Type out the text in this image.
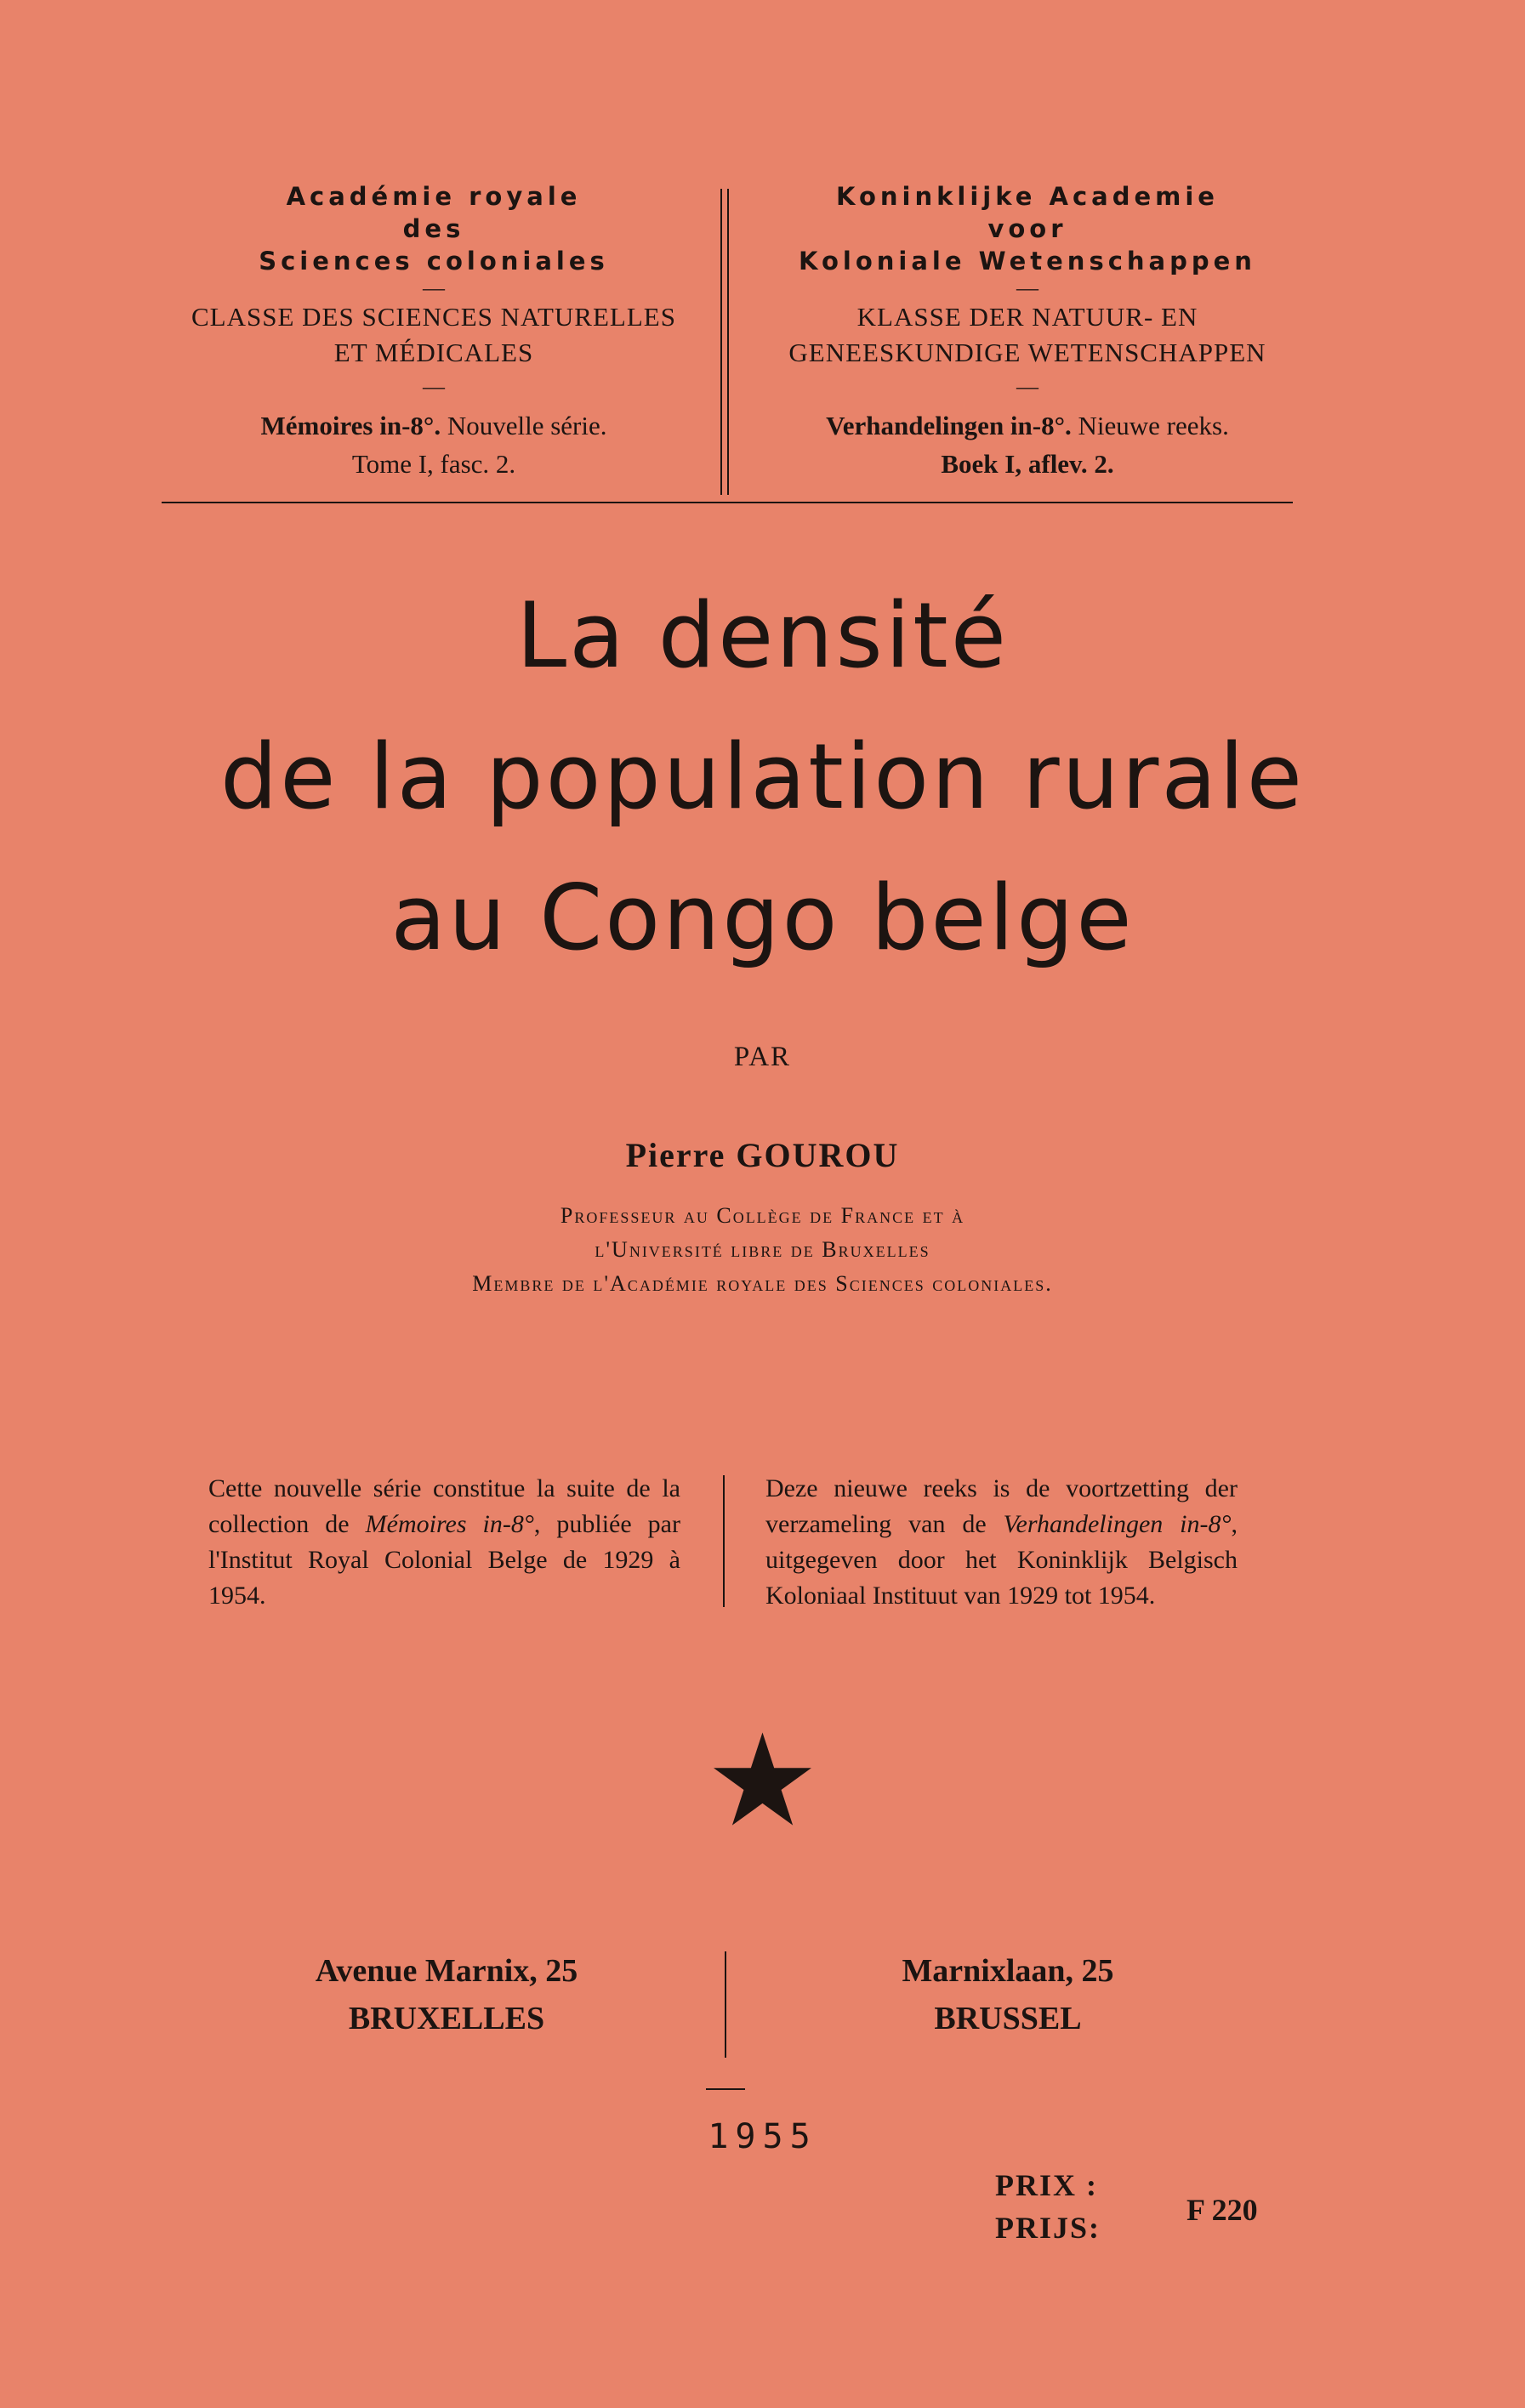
Académie royale
des
Sciences coloniales
—
CLASSE DES SCIENCES NATURELLES
ET MÉDICALES
—
Mémoires in-8°. Nouvelle série.
Tome I, fasc. 2.
Koninklijke Academie
voor
Koloniale Wetenschappen
—
KLASSE DER NATUUR- EN
GENEESKUNDIGE WETENSCHAPPEN
—
Verhandelingen in-8°. Nieuwe reeks.
Boek I, aflev. 2.
La densité
de la population rurale
au Congo belge
PAR
Pierre GOUROU
Professeur au Collège de France et à
l'Université libre de Bruxelles
Membre de l'Académie royale des Sciences coloniales.
Cette nouvelle série constitue la suite de la collection de Mémoires in-8°, publiée par l'Institut Royal Colonial Belge de 1929 à 1954.
Deze nieuwe reeks is de voortzetting der verzameling van de Verhandelingen in-8°, uitgegeven door het Koninklijk Belgisch Koloniaal Instituut van 1929 tot 1954.
★
Avenue Marnix, 25
BRUXELLES
Marnixlaan, 25
BRUSSEL
1955
PRIX :
PRIJS:
F 220
